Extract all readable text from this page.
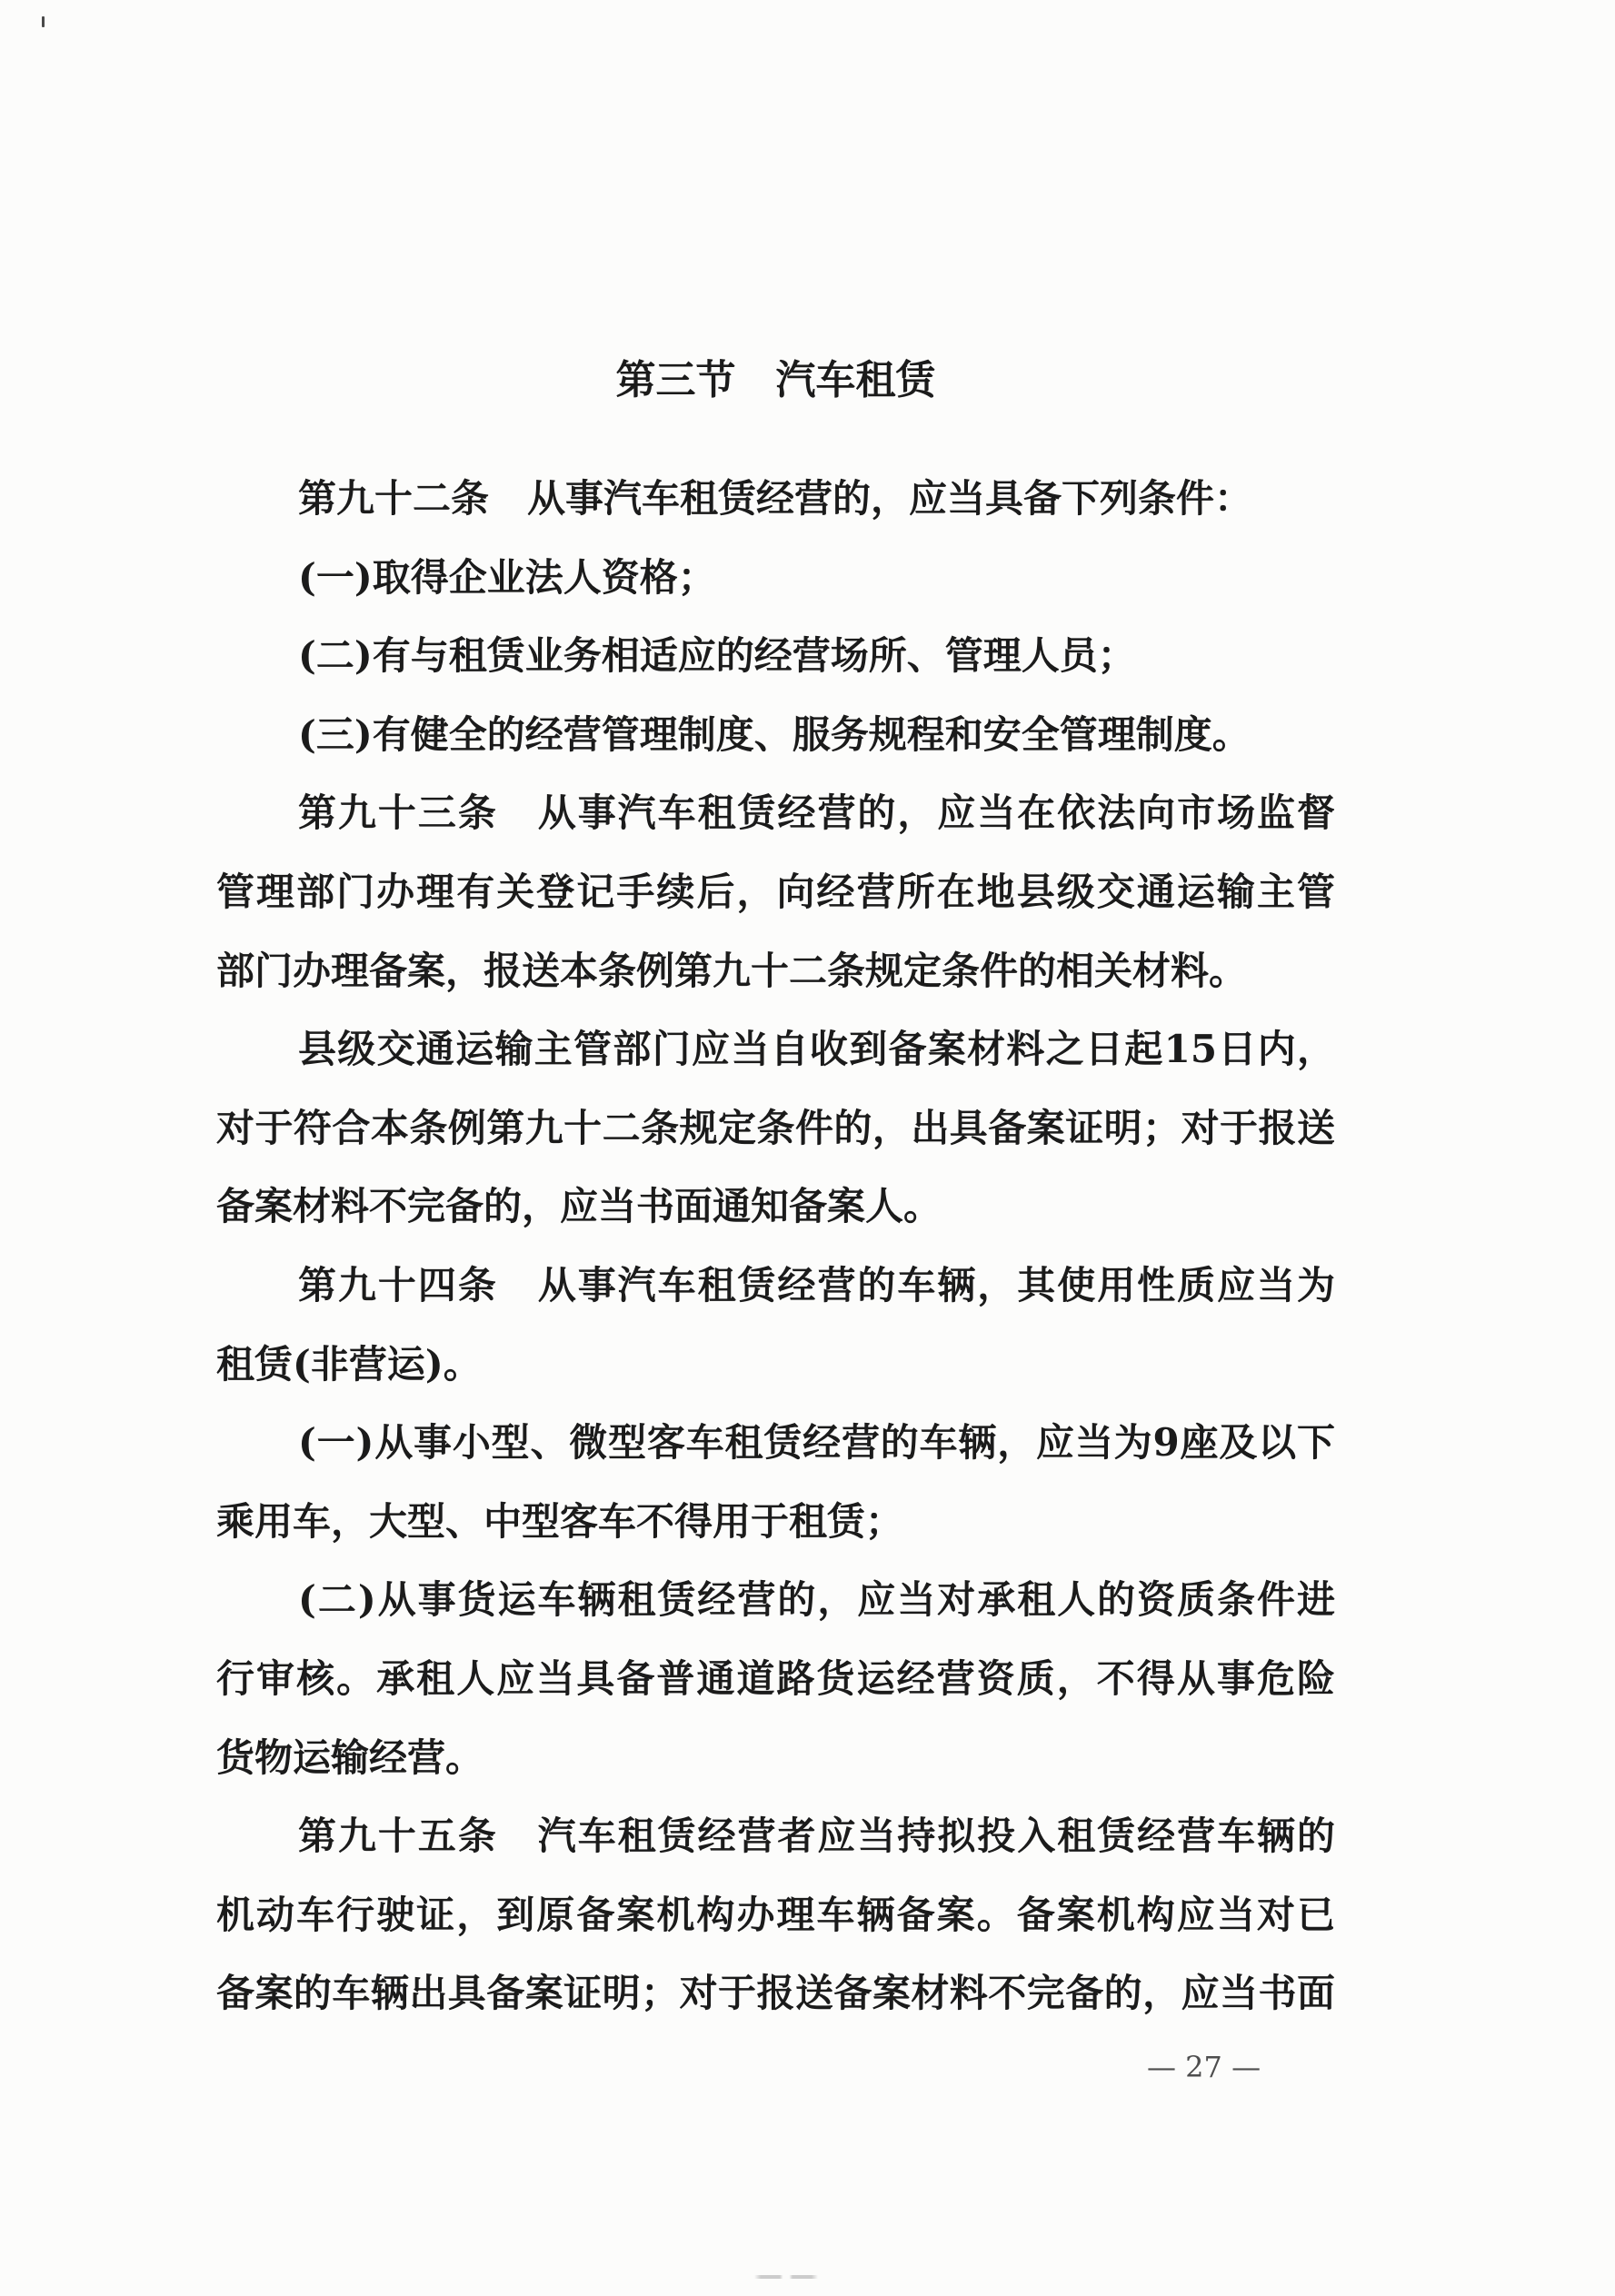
第三节　汽车租赁
第九十二条　从事汽车租赁经营的，应当具备下列条件：
(一)取得企业法人资格；
(二)有与租赁业务相适应的经营场所、管理人员；
(三)有健全的经营管理制度、服务规程和安全管理制度。
第九十三条　从事汽车租赁经营的，应当在依法向市场监督
管理部门办理有关登记手续后，向经营所在地县级交通运输主管
部门办理备案，报送本条例第九十二条规定条件的相关材料。
县级交通运输主管部门应当自收到备案材料之日起15日内，
对于符合本条例第九十二条规定条件的，出具备案证明；对于报送
备案材料不完备的，应当书面通知备案人。
第九十四条　从事汽车租赁经营的车辆，其使用性质应当为
租赁(非营运)。
(一)从事小型、微型客车租赁经营的车辆，应当为9座及以下
乘用车，大型、中型客车不得用于租赁；
(二)从事货运车辆租赁经营的，应当对承租人的资质条件进
行审核。承租人应当具备普通道路货运经营资质，不得从事危险
货物运输经营。
第九十五条　汽车租赁经营者应当持拟投入租赁经营车辆的
机动车行驶证，到原备案机构办理车辆备案。备案机构应当对已
备案的车辆出具备案证明；对于报送备案材料不完备的，应当书面
— 27 —
